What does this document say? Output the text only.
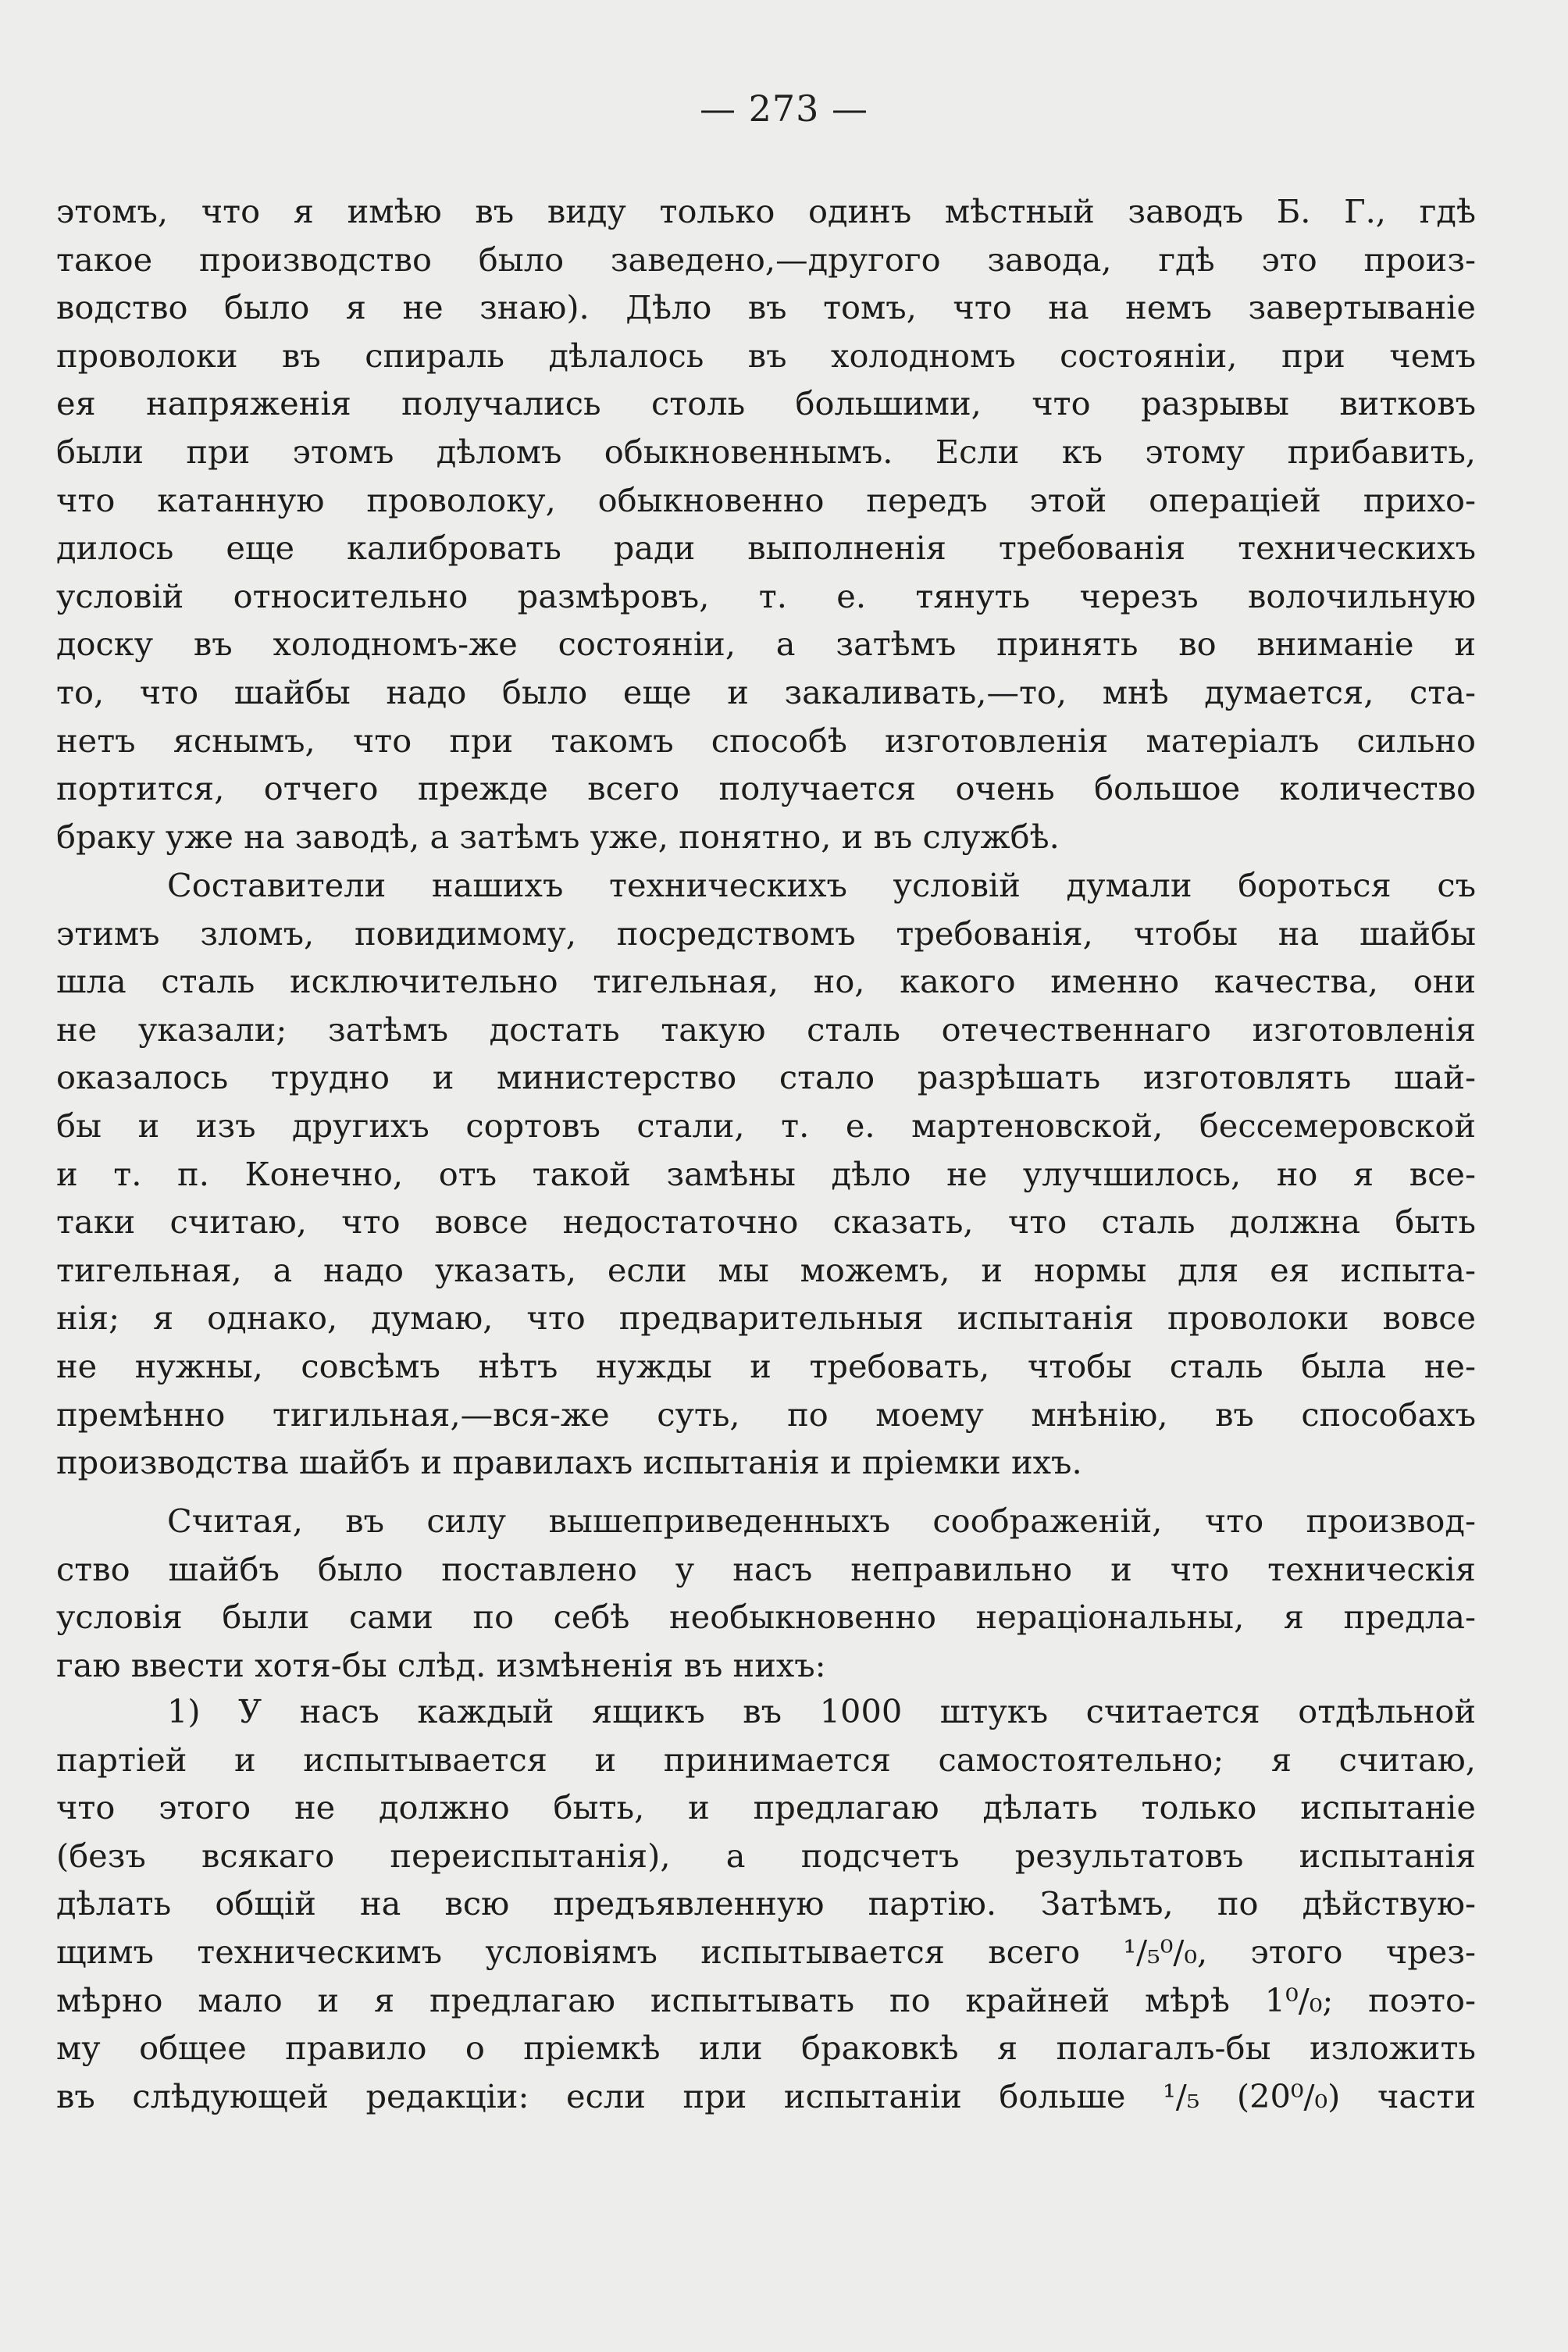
— 273 —
этомъ, что я имѣю въ виду только одинъ мѣстный заводъ Б. Г., гдѣ
такое производство было заведено,—другого завода, гдѣ это произ-
водство было я не знаю). Дѣло въ томъ, что на немъ завертываніе
проволоки въ спираль дѣлалось въ холодномъ состояніи, при чемъ
ея напряженія получались столь большими, что разрывы витковъ
были при этомъ дѣломъ обыкновеннымъ. Если къ этому прибавить,
что катанную проволоку, обыкновенно передъ этой операціей прихо-
дилось еще калибровать ради выполненія требованія техническихъ
условій относительно размѣровъ, т. е. тянуть черезъ волочильную
доску въ холодномъ-же состояніи, а затѣмъ принять во вниманіе и
то, что шайбы надо было еще и закаливать,—то, мнѣ думается, ста-
нетъ яснымъ, что при такомъ способѣ изготовленія матеріалъ сильно
портится, отчего прежде всего получается очень большое количество
браку уже на заводѣ, а затѣмъ уже, понятно, и въ службѣ.
Составители нашихъ техническихъ условій думали бороться съ
этимъ зломъ, повидимому, посредствомъ требованія, чтобы на шайбы
шла сталь исключительно тигельная, но, какого именно качества, они
не указали; затѣмъ достать такую сталь отечественнаго изготовленія
оказалось трудно и министерство стало разрѣшать изготовлять шай-
бы и изъ другихъ сортовъ стали, т. е. мартеновской, бессемеровской
и т. п. Конечно, отъ такой замѣны дѣло не улучшилось, но я все-
таки считаю, что вовсе недостаточно сказать, что сталь должна быть
тигельная, а надо указать, если мы можемъ, и нормы для ея испыта-
нія; я однако, думаю, что предварительныя испытанія проволоки вовсе
не нужны, совсѣмъ нѣтъ нужды и требовать, чтобы сталь была не-
премѣнно тигильная,—вся-же суть, по моему мнѣнію, въ способахъ
производства шайбъ и правилахъ испытанія и пріемки ихъ.
Считая, въ силу вышеприведенныхъ соображеній, что производ-
ство шайбъ было поставлено у насъ неправильно и что техническія
условія были сами по себѣ необыкновенно нераціональны, я предла-
гаю ввести хотя-бы слѣд. измѣненія въ нихъ:
1) У насъ каждый ящикъ въ 1000 штукъ считается отдѣльной
партіей и испытывается и принимается самостоятельно; я считаю,
что этого не должно быть, и предлагаю дѣлать только испытаніе
(безъ всякаго переиспытанія), а подсчетъ результатовъ испытанія
дѣлать общій на всю предъявленную партію. Затѣмъ, по дѣйствую-
щимъ техническимъ условіямъ испытывается всего ¹/₅⁰/₀, этого чрез-
мѣрно мало и я предлагаю испытывать по крайней мѣрѣ 1⁰/₀; поэто-
му общее правило о пріемкѣ или браковкѣ я полагалъ-бы изложить
въ слѣдующей редакціи: если при испытаніи больше ¹/₅ (20⁰/₀) части
